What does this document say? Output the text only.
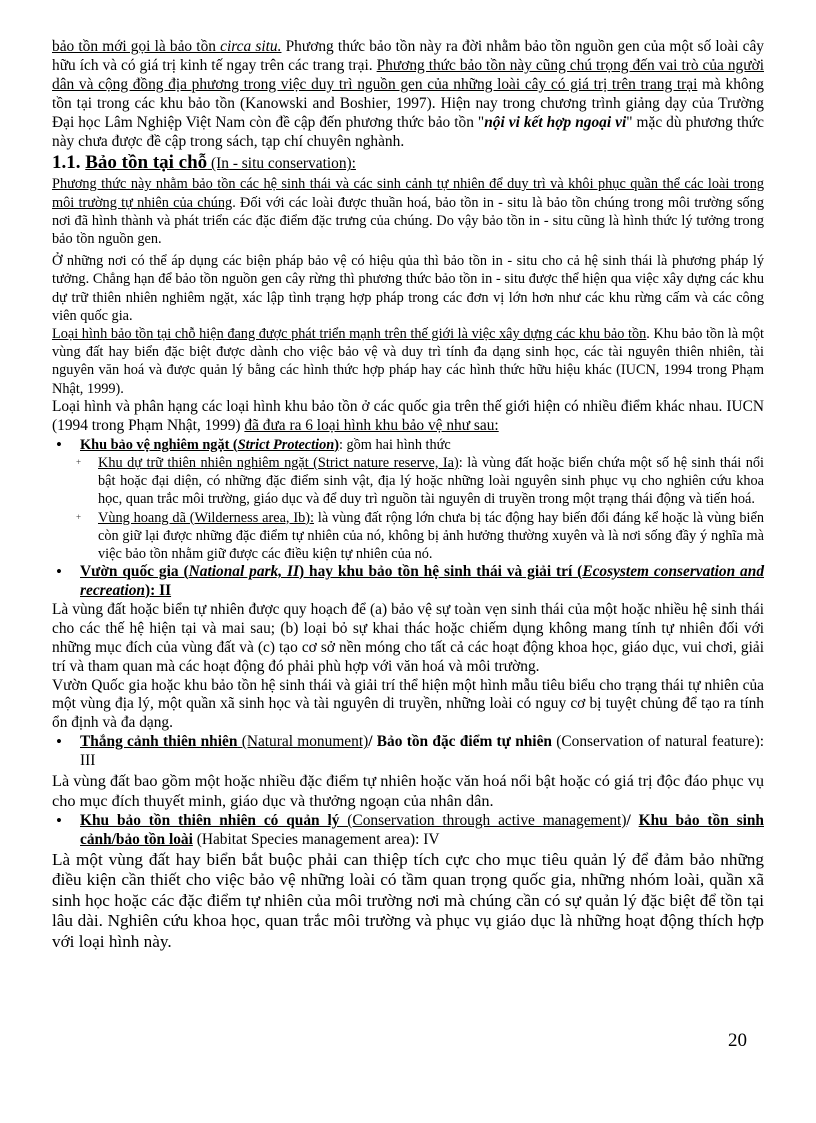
bảo tồn mới gọi là bảo tồn circa situ. Phương thức bảo tồn này ra đời nhằm bảo tồn nguồn gen của một số loài cây hữu ích và có giá trị kinh tế ngay trên các trang trại. Phương thức bảo tồn này cũng chú trọng đến vai trò của người dân và cộng đồng địa phương trong việc duy trì nguồn gen của những loài cây có giá trị trên trang trại mà không tồn tại trong các khu bảo tồn (Kanowski and Boshier, 1997). Hiện nay trong chương trình giảng dạy của Trường Đại học Lâm Nghiệp Việt Nam còn đề cập đến phương thức bảo tồn "nội vi kết hợp ngoại vi" mặc dù phương thức này chưa được đề cập trong sách, tạp chí chuyên nghành.

1.1. Bảo tồn tại chỗ (In - situ conservation):

Phương thức này nhằm bảo tồn các hệ sinh thái và các sinh cảnh tự nhiên để duy trì và khôi phục quần thể các loài trong môi trường tự nhiên của chúng. Đối với các loài được thuần hoá, bảo tồn in - situ là bảo tồn chúng trong môi trường sống nơi đã hình thành và phát triển các đặc điểm đặc trưng của chúng. Do vậy bảo tồn in - situ cũng là hình thức lý tưởng trong bảo tồn nguồn gen.

Ở những nơi có thể áp dụng các biện pháp bảo vệ có hiệu qủa thì bảo tồn in - situ cho cả hệ sinh thái là phương pháp lý tưởng. Chẳng hạn để bảo tồn nguồn gen cây rừng thì phương thức bảo tồn in - situ được thể hiện qua việc xây dựng các khu dự trữ thiên nhiên nghiêm ngặt, xác lập tình trạng hợp pháp trong các đơn vị lớn hơn như các khu rừng cấm và các công viên quốc gia.

Loại hình bảo tồn tại chỗ hiện đang được phát triển mạnh trên thế giới là việc xây dựng các khu bảo tồn. Khu bảo tồn là một vùng đất hay biển đặc biệt được dành cho việc bảo vệ và duy trì tính đa dạng sinh học, các tài nguyên thiên nhiên, tài nguyên văn hoá và được quản lý bằng các hình thức hợp pháp hay các hình thức hữu hiệu khác (IUCN, 1994 trong Phạm Nhật, 1999).

Loại hình và phân hạng các loại hình khu bảo tồn ở các quốc gia trên thế giới hiện có nhiều điểm khác nhau. IUCN (1994 trong Phạm Nhật, 1999) đã đưa ra 6 loại hình khu bảo vệ như sau:

• Khu bảo vệ nghiêm ngặt (Strict Protection): gồm hai hình thức
+ Khu dự trữ thiên nhiên nghiêm ngặt (Strict nature reserve, Ia): là vùng đất hoặc biển chứa một số hệ sinh thái nổi bật hoặc đại diện, có những đặc điểm sinh vật, địa lý hoặc những loài nguyên sinh phục vụ cho nghiên cứu khoa học, quan trắc môi trường, giáo dục và để duy trì nguồn tài nguyên di truyền trong một trạng thái động và tiến hoá.
+ Vùng hoang dã (Wilderness area, Ib): là vùng đất rộng lớn chưa bị tác động hay biến đổi đáng kể hoặc là vùng biển còn giữ lại được những đặc điểm tự nhiên của nó, không bị ảnh hưởng thường xuyên và là nơi sống đầy ý nghĩa mà việc bảo tồn nhằm giữ được các điều kiện tự nhiên của nó.
• Vườn quốc gia (National park, II) hay khu bảo tồn hệ sinh thái và giải trí (Ecosystem conservation and recreation): II

Là vùng đất hoặc biển tự nhiên được quy hoạch để (a) bảo vệ sự toàn vẹn sinh thái của một hoặc nhiều hệ sinh thái cho các thế hệ hiện tại và mai sau; (b) loại bỏ sự khai thác hoặc chiếm dụng không mang tính tự nhiên đối với những mục đích của vùng đất và (c) tạo cơ sở nền móng cho tất cả các hoạt động khoa học, giáo dục, vui chơi, giải trí và tham quan mà các hoạt động đó phải phù hợp với văn hoá và môi trường.

Vườn Quốc gia hoặc khu bảo tồn hệ sinh thái và giải trí thể hiện một hình mẫu tiêu biểu cho trạng thái tự nhiên của một vùng địa lý, một quần xã sinh học và tài nguyên di truyền, những loài có nguy cơ bị tuyệt chủng để tạo ra tính ổn định và đa dạng.

• Thắng cảnh thiên nhiên (Natural monument)/ Bảo tồn đặc điểm tự nhiên (Conservation of natural feature): III

Là vùng đất bao gồm một hoặc nhiều đặc điểm tự nhiên hoặc văn hoá nổi bật hoặc có giá trị độc đáo phục vụ cho mục đích thuyết minh, giáo dục và thưởng ngoạn của nhân dân.

• Khu bảo tồn thiên nhiên có quản lý (Conservation through active management)/ Khu bảo tồn sinh cảnh/bảo tồn loài (Habitat Species management area): IV

Là một vùng đất hay biển bắt buộc phải can thiệp tích cực cho mục tiêu quản lý để đảm bảo những điều kiện cần thiết cho việc bảo vệ những loài có tầm quan trọng quốc gia, những nhóm loài, quần xã sinh học hoặc các đặc điểm tự nhiên của môi trường nơi mà chúng cần có sự quản lý đặc biệt để tồn tại lâu dài. Nghiên cứu khoa học, quan trắc môi trường và phục vụ giáo dục là những hoạt động thích hợp với loại hình này.

20
